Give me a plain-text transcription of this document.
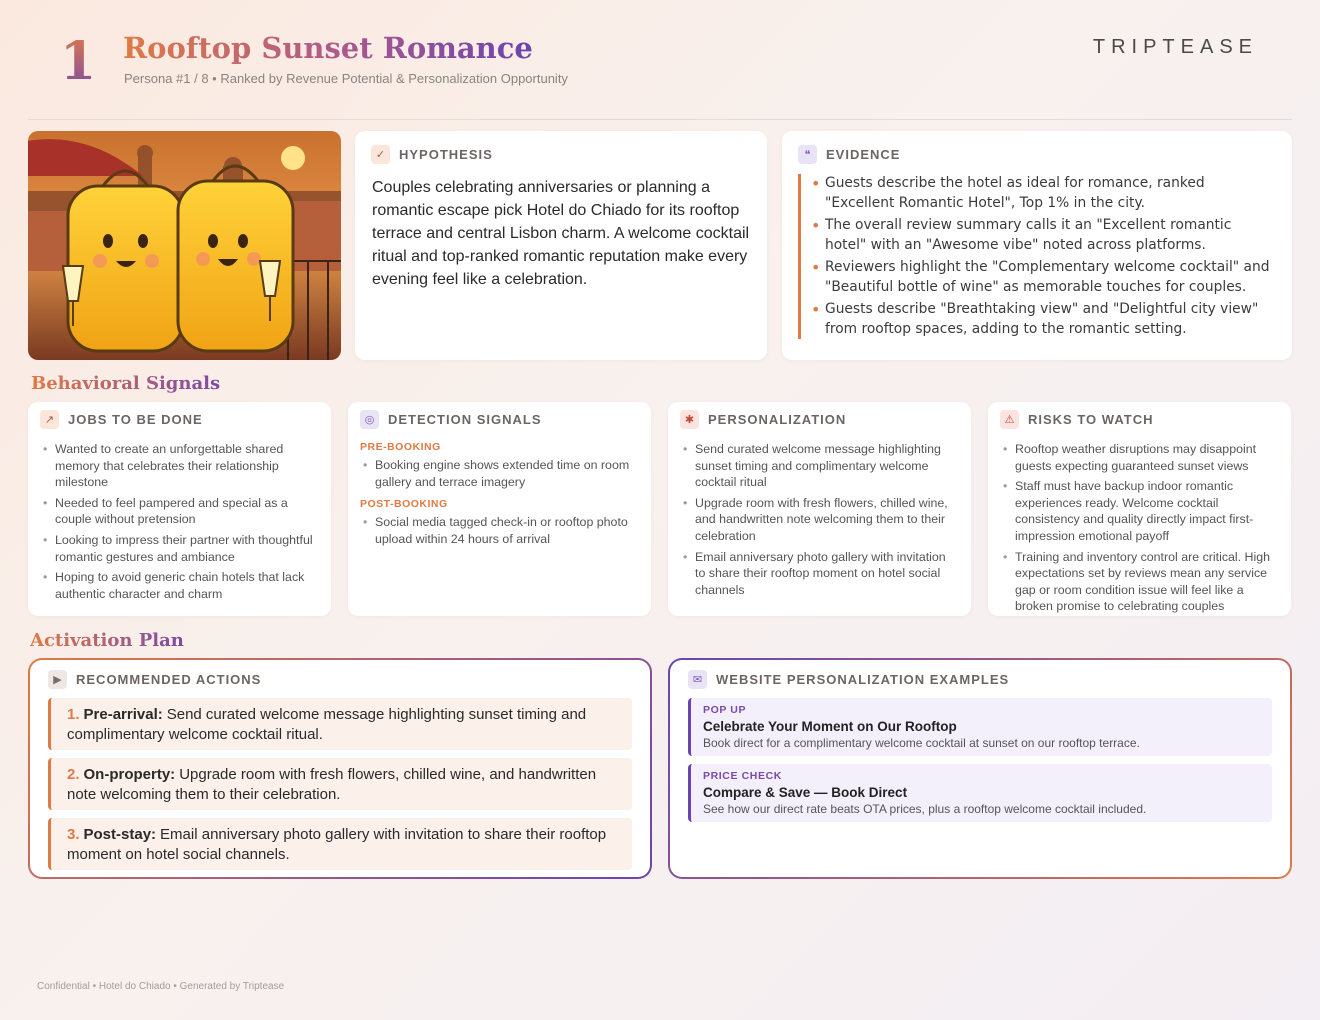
1 Rooftop Sunset Romance
Persona #1 / 8 • Ranked by Revenue Potential & Personalization Opportunity
TRIPTEASE
✓	HYPOTHESIS
Couples celebrating anniversaries or planning a romantic escape pick Hotel do Chiado for its rooftop terrace and central Lisbon charm. A welcome cocktail ritual and top-ranked romantic reputation make every evening feel like a celebration.
❝	EVIDENCE
• Guests describe the hotel as ideal for romance, ranked "Excellent Romantic Hotel", Top 1% in the city.
• The overall review summary calls it an "Excellent romantic hotel" with an "Awesome vibe" noted across platforms.
• Reviewers highlight the "Complementary welcome cocktail" and "Beautiful bottle of wine" as memorable touches for couples.
• Guests describe "Breathtaking view" and "Delightful city view" from rooftop spaces, adding to the romantic setting.
Behavioral Signals
↗	JOBS TO BE DONE
• Wanted to create an unforgettable shared memory that celebrates their relationship milestone
• Needed to feel pampered and special as a couple without pretension
• Looking to impress their partner with thoughtful romantic gestures and ambiance
• Hoping to avoid generic chain hotels that lack authentic character and charm
◎	DETECTION SIGNALS
PRE-BOOKING
• Booking engine shows extended time on room gallery and terrace imagery
POST-BOOKING
• Social media tagged check-in or rooftop photo upload within 24 hours of arrival
✱	PERSONALIZATION
• Send curated welcome message highlighting sunset timing and complimentary welcome cocktail ritual
• Upgrade room with fresh flowers, chilled wine, and handwritten note welcoming them to their celebration
• Email anniversary photo gallery with invitation to share their rooftop moment on hotel social channels
⚠	RISKS TO WATCH
• Rooftop weather disruptions may disappoint guests expecting guaranteed sunset views
• Staff must have backup indoor romantic experiences ready. Welcome cocktail consistency and quality directly impact first-impression emotional payoff
• Training and inventory control are critical. High expectations set by reviews mean any service gap or room condition issue will feel like a broken promise to celebrating couples
Activation Plan
▶	RECOMMENDED ACTIONS
1. Pre-arrival: Send curated welcome message highlighting sunset timing and complimentary welcome cocktail ritual.
2. On-property: Upgrade room with fresh flowers, chilled wine, and handwritten note welcoming them to their celebration.
3. Post-stay: Email anniversary photo gallery with invitation to share their rooftop moment on hotel social channels.
✉	WEBSITE PERSONALIZATION EXAMPLES
POP UP
Celebrate Your Moment on Our Rooftop
Book direct for a complimentary welcome cocktail at sunset on our rooftop terrace.
PRICE CHECK
Compare & Save — Book Direct
See how our direct rate beats OTA prices, plus a rooftop welcome cocktail included.
Confidential • Hotel do Chiado • Generated by Triptease
